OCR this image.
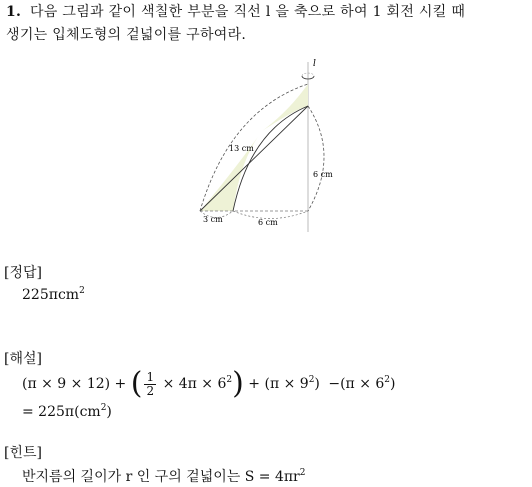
1. 다음 그림과 같이 색칠한 부분을 직선 l 을 축으로 하여 1 회전 시킬 때
생기는 입체도형의 겉넓이를 구하여라.
l
13 cm
6 cm
3 cm	6 cm
[정답]
225πcm$^2$
[해설]
(π × 9 × 12) + ( $\frac{1}{2} \times 4\pi \times 6^2) + (\pi \times 9^2) -(\pi \times 6^2)$
= $225\pi(cm^2)$
[힌트]
반지름의 길이가 r 인 구의 겉넓이는 $S = 4\pi r^2$
